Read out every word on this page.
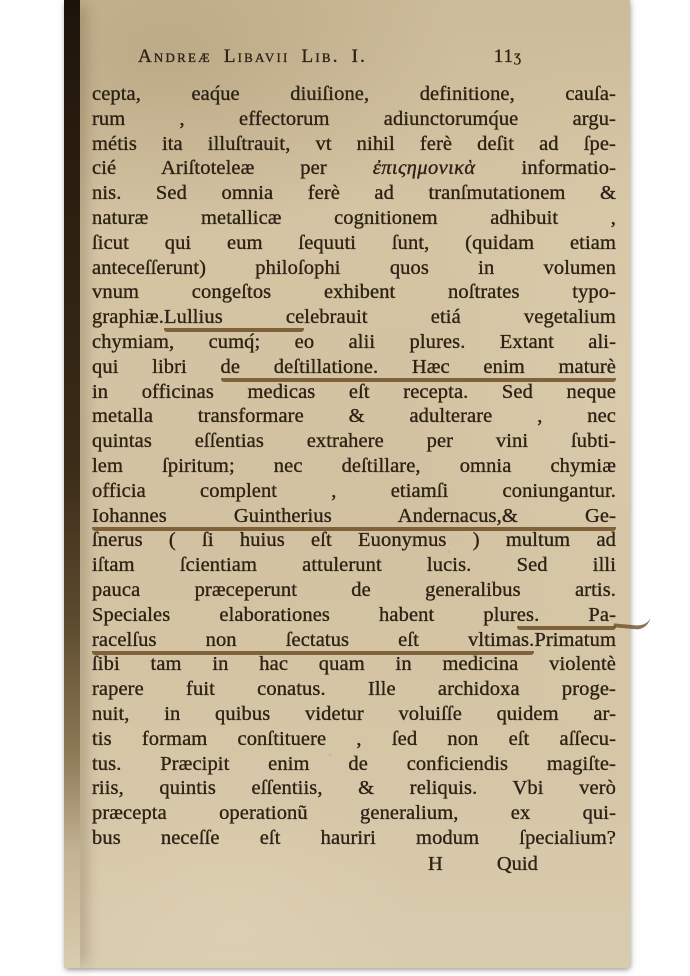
Andreæ Libavii Lib. I.	11ʒ
cepta, eaq́ue diuiſione, definitione, cauſa-
rum , effectorum adiunctorumq́ue argu-
métis ita illuſtrauit, vt nihil ferè deſit ad ſpe-
cié Ariſtoteleæ per ἐπιςημονικὰ informatio-
nis. Sed omnia ferè ad tranſmutationem &
naturæ metallicæ cognitionem adhibuit ,
ſicut qui eum ſequuti ſunt, (quidam etiam
anteceſſerunt) philoſophi quos in volumen
vnum congeſtos exhibent noſtrates typo-
graphiæ.Lullius celebrauit etiá vegetalium
chymiam, cumq́; eo alii plures. Extant ali-
qui libri de deſtillatione. Hæc enim maturè
in officinas medicas eſt recepta. Sed neque
metalla transformare & adulterare , nec
quintas eſſentias extrahere per vini ſubti-
lem ſpiritum; nec deſtillare, omnia chymiæ
officia complent , etiamſi coniungantur.
Iohannes Guintherius Andernacus,& Ge-
ſnerus ( ſi huius eſt Euonymus ) multum ad
iſtam ſcientiam attulerunt lucis. Sed illi
pauca præceperunt de generalibus artis.
Speciales elaborationes habent plures. Pa-
racelſus non ſectatus eſt vltimas.Primatum
ſibi tam in hac quam in medicina violentè
rapere fuit conatus. Ille archidoxa proge-
nuit, in quibus videtur voluiſſe quidem ar-
tis formam conſtituere , ſed non eſt aſſecu-
tus. Præcipit enim de conficiendis magiſte-
riis, quintis eſſentiis, & reliquis. Vbi verò
præcepta operationũ generalium, ex qui-
bus neceſſe eſt hauriri modum ſpecialium?
H	Quid
